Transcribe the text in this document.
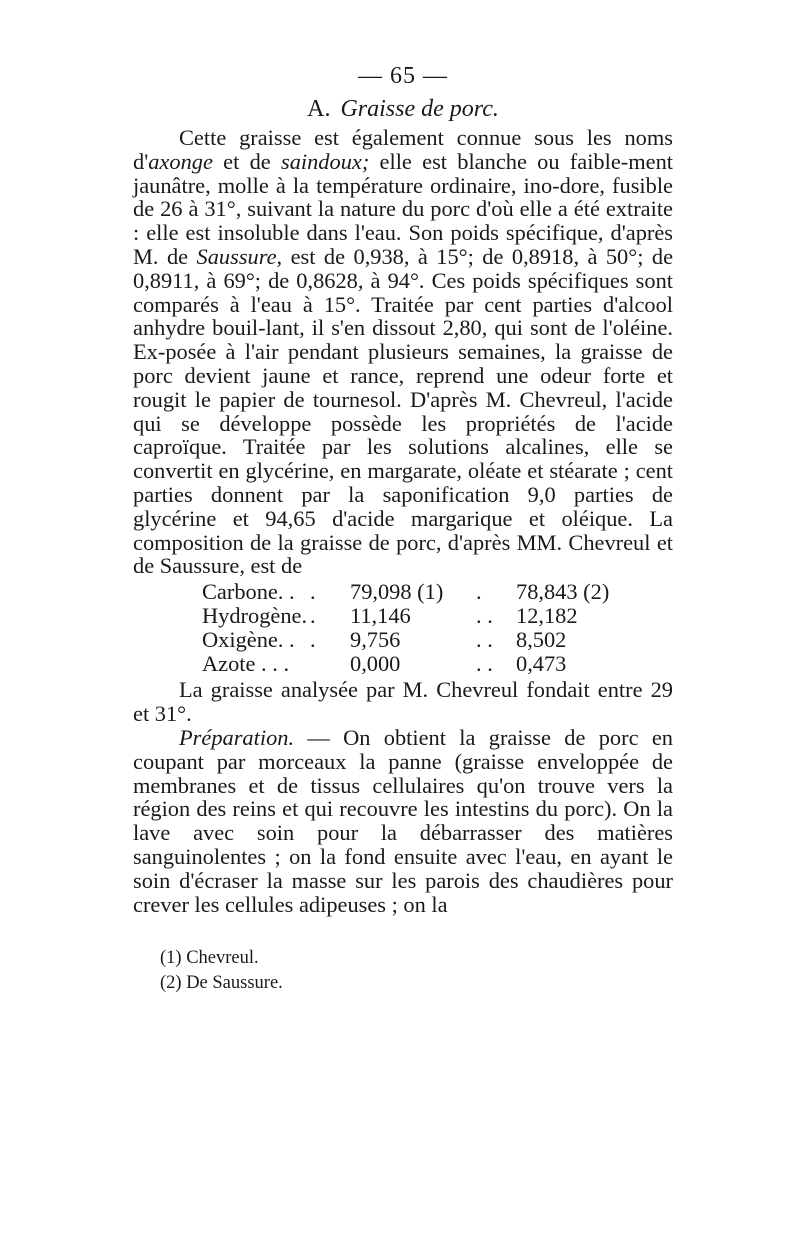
— 65 —
A. Graisse de porc.

Cette graisse est également connue sous les noms d'axonge et de saindoux; elle est blanche ou faible-ment jaunâtre, molle à la température ordinaire, ino-dore, fusible de 26 à 31°, suivant la nature du porc d'où elle a été extraite : elle est insoluble dans l'eau. Son poids spécifique, d'après M. de Saussure, est de 0,938, à 15°; de 0,8918, à 50°; de 0,8911, à 69°; de 0,8628, à 94°. Ces poids spécifiques sont comparés à l'eau à 15°. Traitée par cent parties d'alcool anhydre bouil-lant, il s'en dissout 2,80, qui sont de l'oléine. Ex-posée à l'air pendant plusieurs semaines, la graisse de porc devient jaune et rance, reprend une odeur forte et rougit le papier de tournesol. D'après M. Chevreul, l'acide qui se développe possède les propriétés de l'acide caproïque. Traitée par les solutions alcalines, elle se convertit en glycérine, en margarate, oléate et stéarate ; cent parties donnent par la saponification 9,0 parties de glycérine et 94,65 d'acide margarique et oléique. La composition de la graisse de porc, d'après MM. Chevreul et de Saussure, est de

Carbone. .	.	79,098 (1)	.	78,843 (2)
Hydrogène.	.	11,146	. .	12,182
Oxigène. .	.	9,756	. .	8,502
Azote . . .		0,000	. .	0,473

La graisse analysée par M. Chevreul fondait entre 29 et 31°.

Préparation. — On obtient la graisse de porc en coupant par morceaux la panne (graisse enveloppée de membranes et de tissus cellulaires qu'on trouve vers la région des reins et qui recouvre les intestins du porc). On la lave avec soin pour la débarrasser des matières sanguinolentes ; on la fond ensuite avec l'eau, en ayant le soin d'écraser la masse sur les parois des chaudières pour crever les cellules adipeuses ; on la

(1) Chevreul.
(2) De Saussure.
